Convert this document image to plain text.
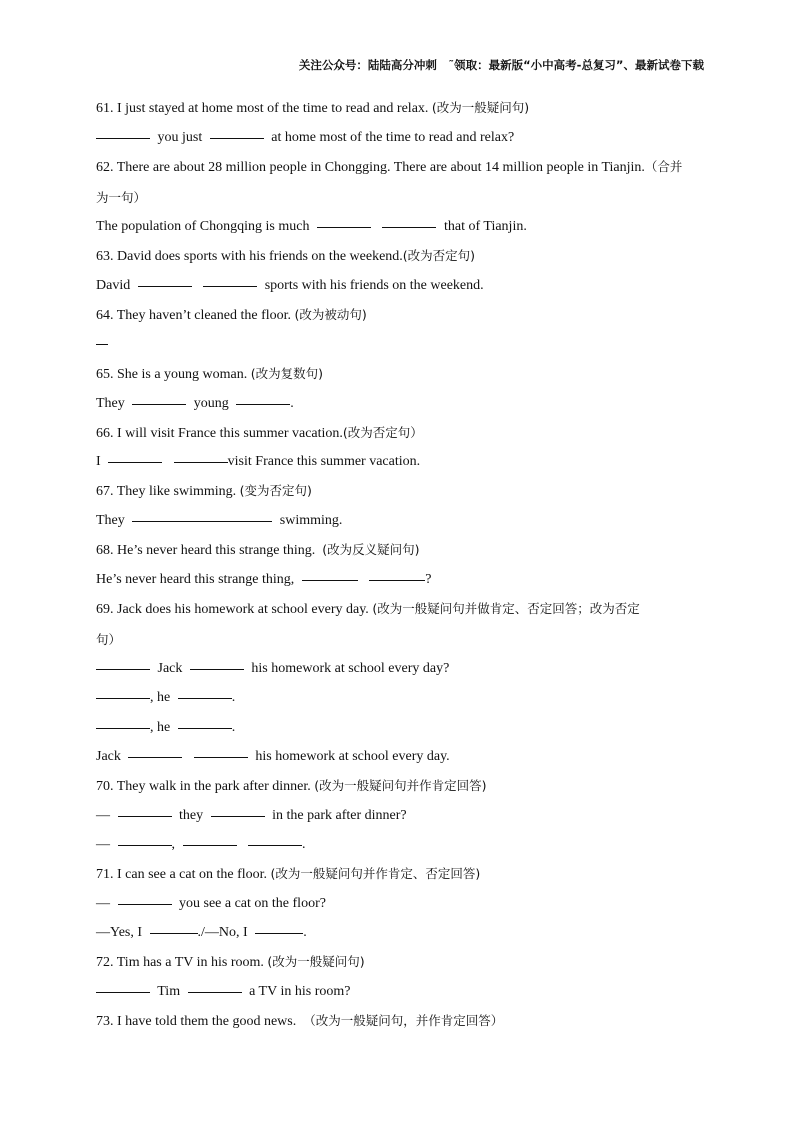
关注公众号：陆陆高分冲刺　˜领取：最新版“小中高考-总复习”、最新试卷下载
61. I just stayed at home most of the time to read and relax. (改为一般疑问句)
you just	at home most of the time to read and relax?
62. There are about 28 million people in Chongging. There are about 14 million people in Tianjin.（合并
为一句）
The population of Chongqing is much	that of Tianjin.
63. David does sports with his friends on the weekend.(改为否定句)
David	sports with his friends on the weekend.
64. They haven’t cleaned the floor. (改为被动句)
65. She is a young woman. (改为复数句)
They	young	.
66. I will visit France this summer vacation.(改为否定句）
I	visit France this summer vacation.
67. They like swimming. (变为否定句)
They	swimming.
68. He’s never heard this strange thing. (改为反义疑问句)
He’s never heard this strange thing,	?
69. Jack does his homework at school every day. (改为一般疑问句并做肯定、否定回答；改为否定
句）
Jack	his homework at school every day?
, he	.
, he	.
Jack	his homework at school every day.
70. They walk in the park after dinner. (改为一般疑问句并作肯定回答)
—	they	in the park after dinner?
—	,	.
71. I can see a cat on the floor. (改为一般疑问句并作肯定、否定回答)
—	you see a cat on the floor?
—Yes, I	./—No, I	.
72. Tim has a TV in his room. (改为一般疑问句)
Tim	a TV in his room?
73. I have told them the good news. （改为一般疑问句，并作肯定回答）
